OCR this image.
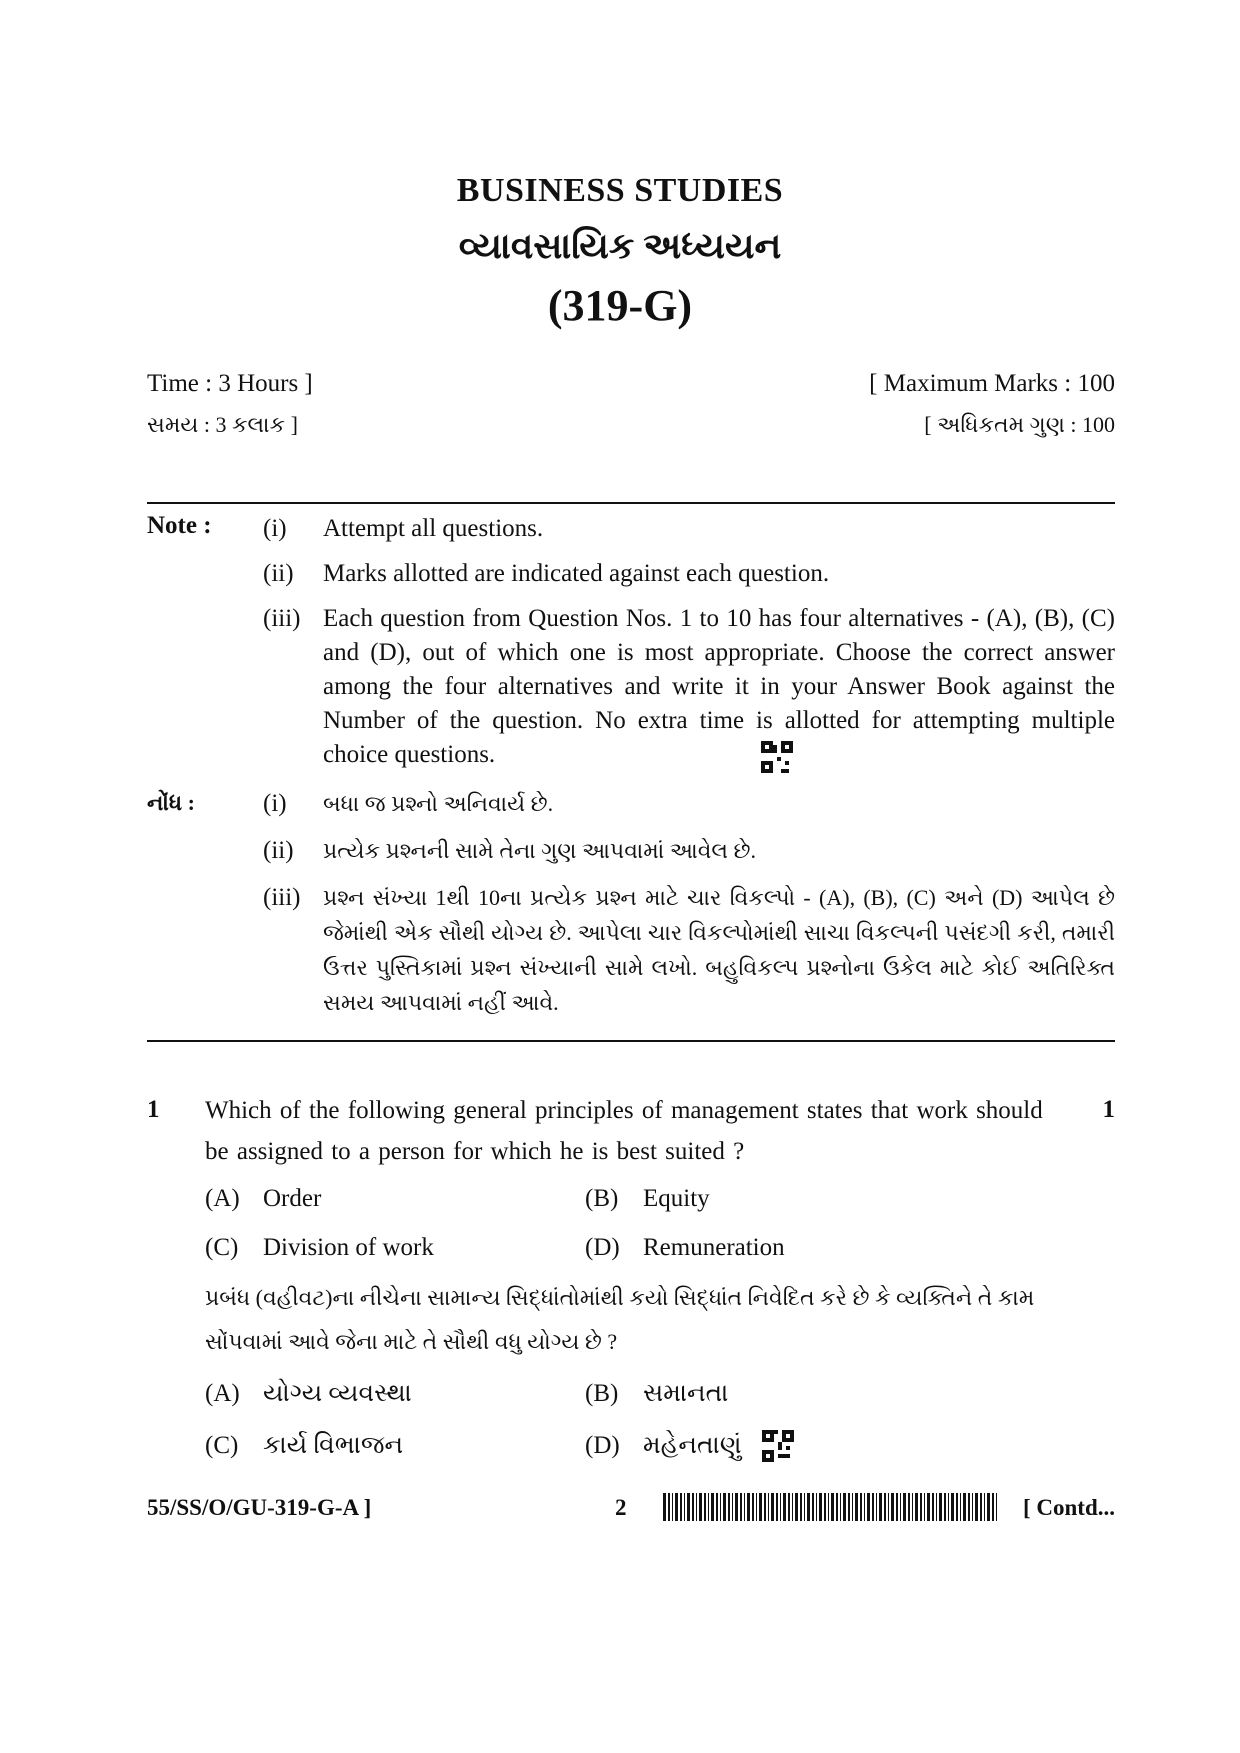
BUSINESS STUDIES
વ્યાવસાયિક અધ્યયન
(319-G)
Time : 3 Hours ]	[ Maximum Marks : 100
સમય : 3 કલાક ]	[ અધિકતમ ગુણ : 100
Note : (i)	Attempt all questions.
(ii)	Marks allotted are indicated against each question.
(iii) Each question from Question Nos. 1 to 10 has four alternatives - (A), (B), (C) and (D), out of which one is most appropriate. Choose the correct answer among the four alternatives and write it in your Answer Book against the Number of the question. No extra time is allotted for attempting multiple choice questions.
નોંધ :	(i)	બધા જ પ્રશ્નો અનિવાર્ય છે.
(ii)	પ્રત્યેક પ્રશ્નની સામે તેના ગુણ આપવામાં આવેલ છે.
(iii)	પ્રશ્ન સંખ્યા 1થી 10ના પ્રત્યેક પ્રશ્ન માટે ચાર વિકલ્પો - (A), (B), (C) અને (D) આપેલ છે જેમાંથી એક સૌથી યોગ્ય છે. આપેલા ચાર વિકલ્પોમાંથી સાચા વિકલ્પની પસંદગી કરી, તમારી ઉત્તર પુસ્તિકામાં પ્રશ્ન સંખ્યાની સામે લખો. બહુવિકલ્પ પ્રશ્નોના ઉકેલ માટે કોઈ અતિરિક્ત સમય આપવામાં નહીં આવે.
1	1
Which of the following general principles of management states that work should be assigned to a person for which he is best suited ?
(A) Order	(B) Equity
(C) Division of work	(D) Remuneration
પ્રબંધ (વહીવટ)ના નીચેના સામાન્ય સિદ્ધાંતોમાંથી કયો સિદ્ધાંત નિવેદિત કરે છે કે વ્યક્તિને તે કામ સોંપવામાં આવે જેના માટે તે સૌથી વધુ યોગ્ય છે ?
(A) યોગ્ય વ્યવસ્થા	(B) સમાનતા
(C) કાર્ય વિભાજન	(D) મહેનતાણું
55/SS/O/GU-319-G-A ]	2	[ Contd...
